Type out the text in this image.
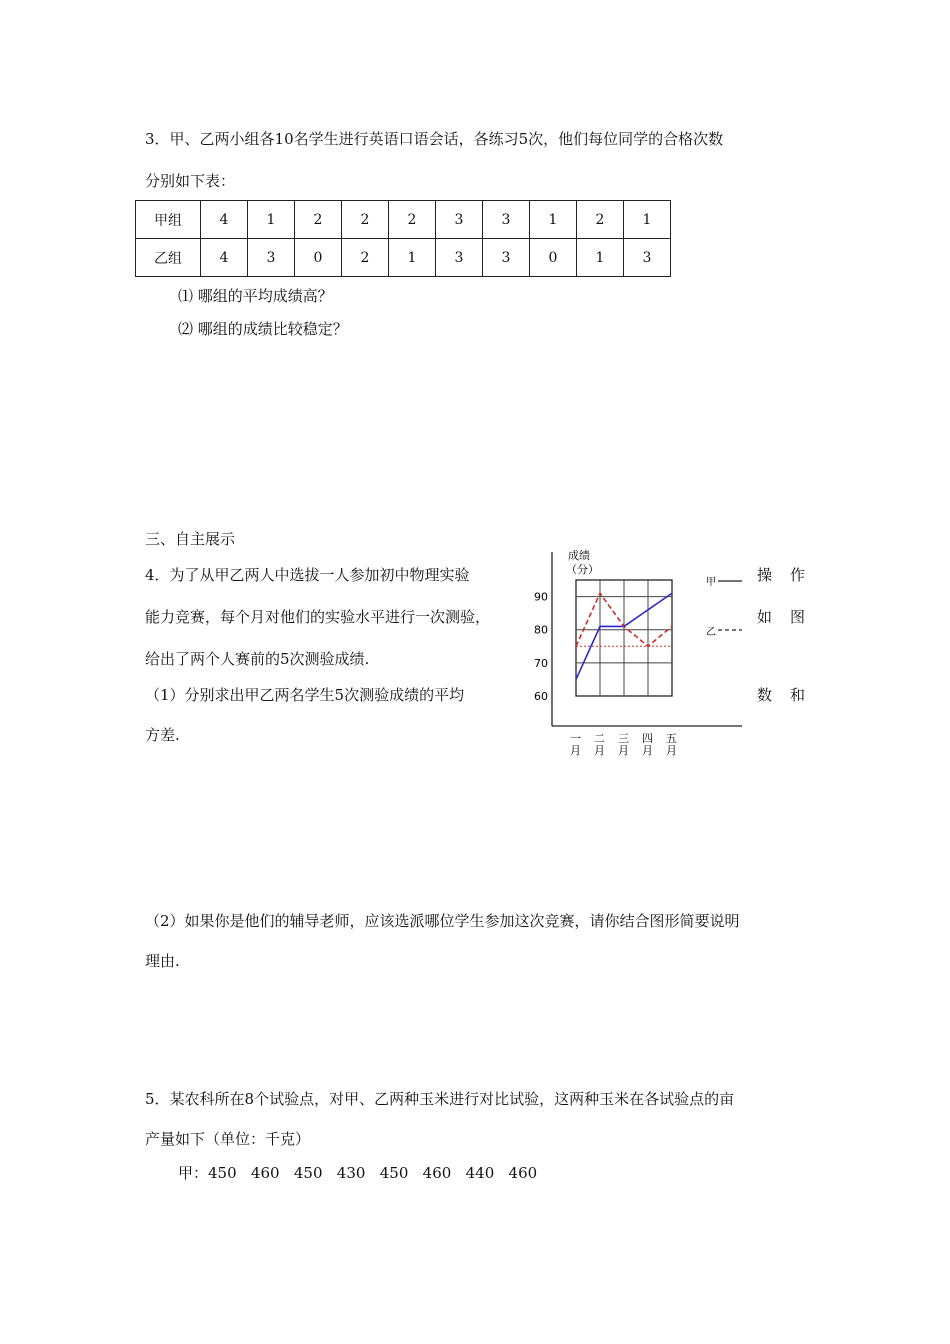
3．甲、乙两小组各10名学生进行英语口语会话，各练习5次，他们每位同学的合格次数
分别如下表：
甲组	4	1	2	2	2	3	3	1	2	1
乙组	4	3	0	2	1	3	3	0	1	3
⑴ 哪组的平均成绩高？
⑵ 哪组的成绩比较稳定？
三、自主展示
4．为了从甲乙两人中选拔一人参加初中物理实验
能力竞赛，每个月对他们的实验水平进行一次测验，
给出了两个人赛前的5次测验成绩.
（1）分别求出甲乙两名学生5次测验成绩的平均
方差.
操 作
如 图
数 和
60
70
80
90
一
月
二
月
三
月
四
月
五
月
成绩
（分）
甲
乙
（2）如果你是他们的辅导老师，应该选派哪位学生参加这次竞赛，请你结合图形简要说明
理由.
5．某农科所在8个试验点，对甲、乙两种玉米进行对比试验，这两种玉米在各试验点的亩
产量如下（单位：千克）
甲：450   460   450   430   450   460   440   460
